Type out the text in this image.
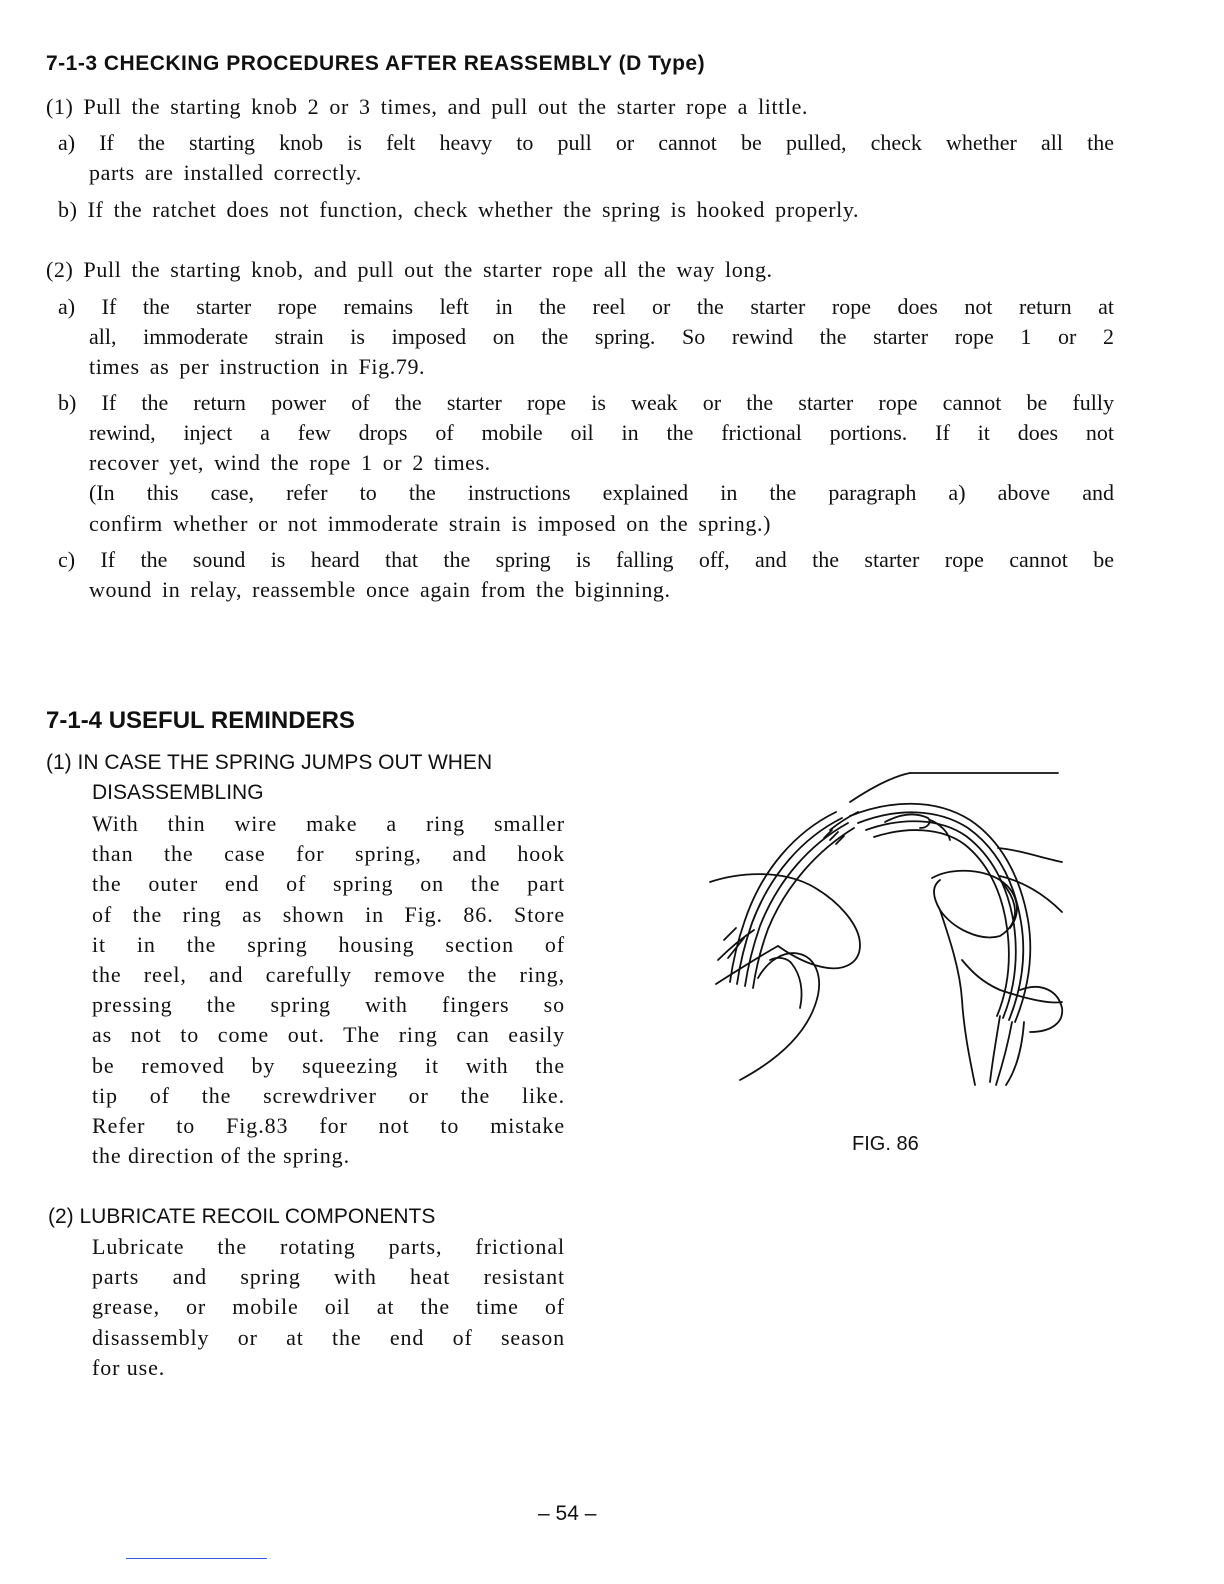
7-1-3 CHECKING PROCEDURES AFTER REASSEMBLY (D Type)
(1) Pull the starting knob 2 or 3 times, and pull out the starter rope a little.
a) If the starting knob is felt heavy to pull or cannot be pulled, check whether all the
parts are installed correctly.
b) If the ratchet does not function, check whether the spring is hooked properly.
(2) Pull the starting knob, and pull out the starter rope all the way long.
a) If the starter rope remains left in the reel or the starter rope does not return at
all, immoderate strain is imposed on the spring. So rewind the starter rope 1 or 2
times as per instruction in Fig.79.
b) If the return power of the starter rope is weak or the starter rope cannot be fully
rewind, inject a few drops of mobile oil in the frictional portions. If it does not
recover yet, wind the rope 1 or 2 times.
(In this case, refer to the instructions explained in the paragraph a) above and
confirm whether or not immoderate strain is imposed on the spring.)
c) If the sound is heard that the spring is falling off, and the starter rope cannot be
wound in relay, reassemble once again from the biginning.
7-1-4 USEFUL REMINDERS
(1) IN CASE THE SPRING JUMPS OUT WHEN
DISASSEMBLING
With thin wire make a ring smaller
than the case for spring, and hook
the outer end of spring on the part
of the ring as shown in Fig. 86. Store
it in the spring housing section of
the reel, and carefully remove the ring,
pressing the spring with fingers so
as not to come out. The ring can easily
be removed by squeezing it with the
tip of the screwdriver or the like.
Refer to Fig.83 for not to mistake
the direction of the spring.
(2) LUBRICATE RECOIL COMPONENTS
Lubricate the rotating parts, frictional
parts and spring with heat resistant
grease, or mobile oil at the time of
disassembly or at the end of season
for use.
FIG. 86
– 54 –
